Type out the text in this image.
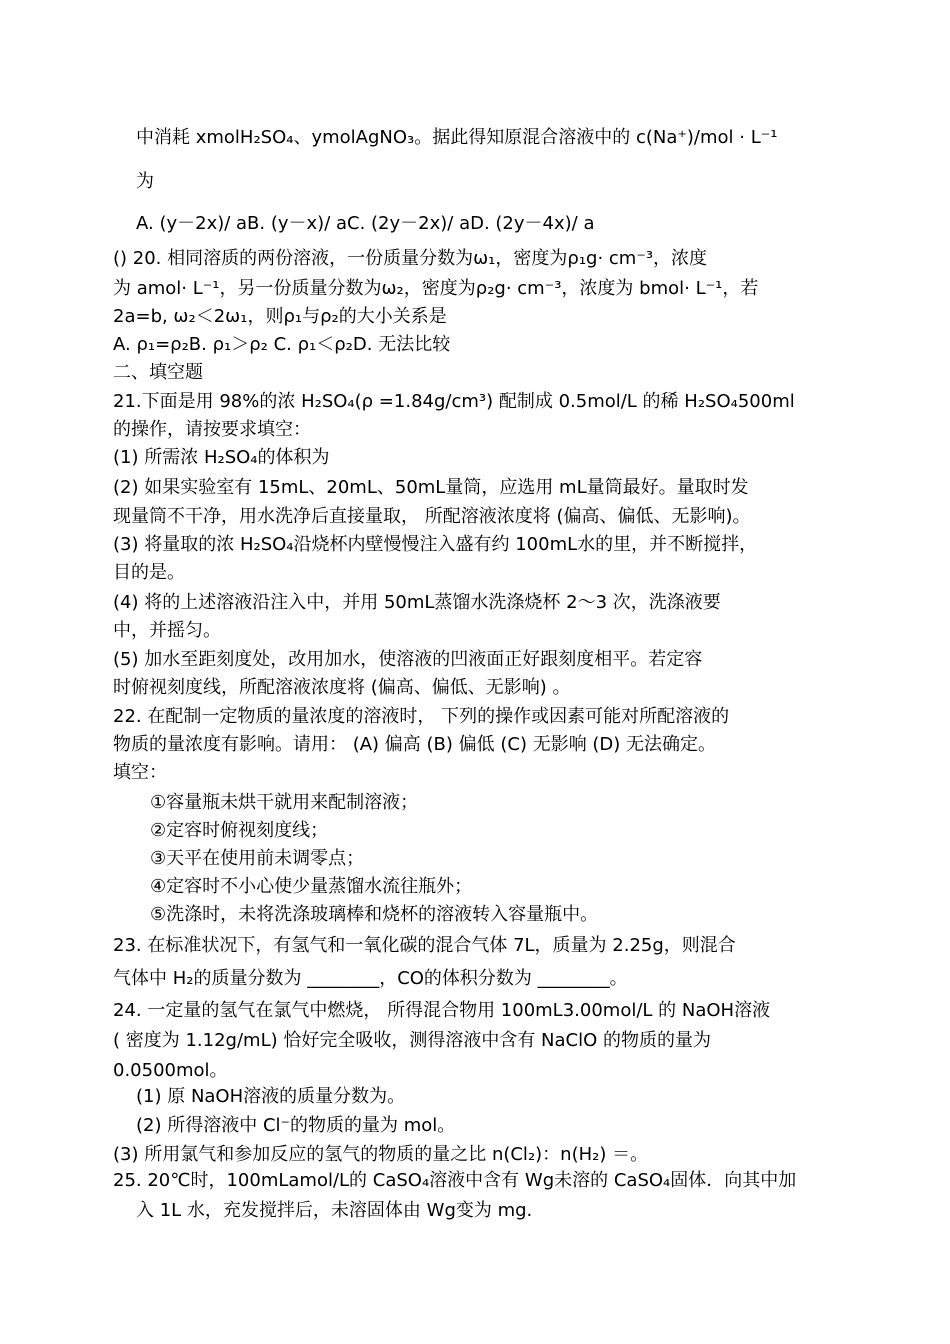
中消耗 xmolH₂SO₄、ymolAgNO₃。据此得知原混合溶液中的 c(Na⁺)/mol · L⁻¹
为
A. (y－2x)/ aB. (y－x)/ aC. (2y－2x)/ aD. (2y－4x)/ a
() 20. 相同溶质的两份溶液，一份质量分数为ω₁，密度为ρ₁g· cm⁻³，浓度
为 amol· L⁻¹，另一份质量分数为ω₂，密度为ρ₂g· cm⁻³，浓度为 bmol· L⁻¹，若
2a=b, ω₂＜2ω₁，则ρ₁与ρ₂的大小关系是
A. ρ₁=ρ₂B. ρ₁＞ρ₂ C. ρ₁＜ρ₂D. 无法比较
二、填空题
21.下面是用 98%的浓 H₂SO₄(ρ =1.84g/cm³) 配制成 0.5mol/L 的稀 H₂SO₄500ml
的操作，请按要求填空：
(1) 所需浓 H₂SO₄的体积为
(2) 如果实验室有 15mL、20mL、50mL量筒，应选用 mL量筒最好。量取时发
现量筒不干净，用水洗净后直接量取， 所配溶液浓度将 (偏高、偏低、无影响)。
(3) 将量取的浓 H₂SO₄沿烧杯内壁慢慢注入盛有约 100mL水的里，并不断搅拌，
目的是。
(4) 将的上述溶液沿注入中，并用 50mL蒸馏水洗涤烧杯 2～3 次，洗涤液要
中，并摇匀。
(5) 加水至距刻度处，改用加水，使溶液的凹液面正好跟刻度相平。若定容
时俯视刻度线，所配溶液浓度将 (偏高、偏低、无影响) 。
22. 在配制一定物质的量浓度的溶液时， 下列的操作或因素可能对所配溶液的
物质的量浓度有影响。请用： (A) 偏高 (B) 偏低 (C) 无影响 (D) 无法确定。
填空：
①容量瓶未烘干就用来配制溶液；
②定容时俯视刻度线；
③天平在使用前未调零点；
④定容时不小心使少量蒸馏水流往瓶外；
⑤洗涤时，未将洗涤玻璃棒和烧杯的溶液转入容量瓶中。
23. 在标准状况下，有氢气和一氧化碳的混合气体 7L，质量为 2.25g，则混合
气体中 H₂的质量分数为 ________，CO的体积分数为 ________。
24. 一定量的氢气在氯气中燃烧， 所得混合物用 100mL3.00mol/L 的 NaOH溶液
( 密度为 1.12g/mL) 恰好完全吸收，测得溶液中含有 NaClO 的物质的量为
0.0500mol。
(1) 原 NaOH溶液的质量分数为。
(2) 所得溶液中 Cl⁻的物质的量为 mol。
(3) 所用氯气和参加反应的氢气的物质的量之比 n(Cl₂)：n(H₂) ＝。
25. 20℃时，100mLamol/L的 CaSO₄溶液中含有 Wg未溶的 CaSO₄固体．向其中加
入 1L 水，充发搅拌后，未溶固体由 Wg变为 mg.
